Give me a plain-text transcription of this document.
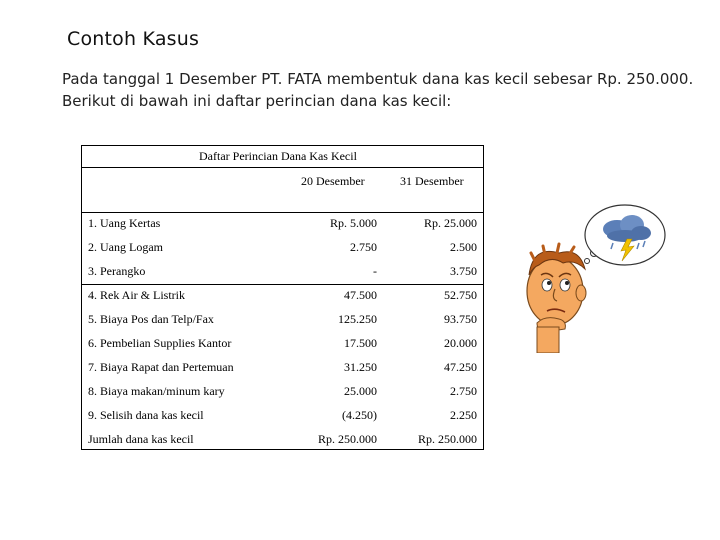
Contoh Kasus
Pada tanggal 1 Desember PT. FATA membentuk dana kas kecil sebesar Rp. 250.000. Berikut di bawah ini daftar perincian dana kas kecil:
Daftar Perincian Dana Kas Kecil
20 Desember	31 Desember
1. Uang Kertas	Rp. 5.000	Rp. 25.000
2. Uang Logam	2.750	2.500
3. Perangko	-	3.750
4. Rek Air & Listrik	47.500	52.750
5. Biaya Pos dan Telp/Fax	125.250	93.750
6. Pembelian Supplies Kantor	17.500	20.000
7. Biaya Rapat dan Pertemuan	31.250	47.250
8. Biaya makan/minum kary	25.000	2.750
9. Selisih dana kas kecil	(4.250)	2.250
Jumlah dana kas kecil	Rp. 250.000	Rp. 250.000
